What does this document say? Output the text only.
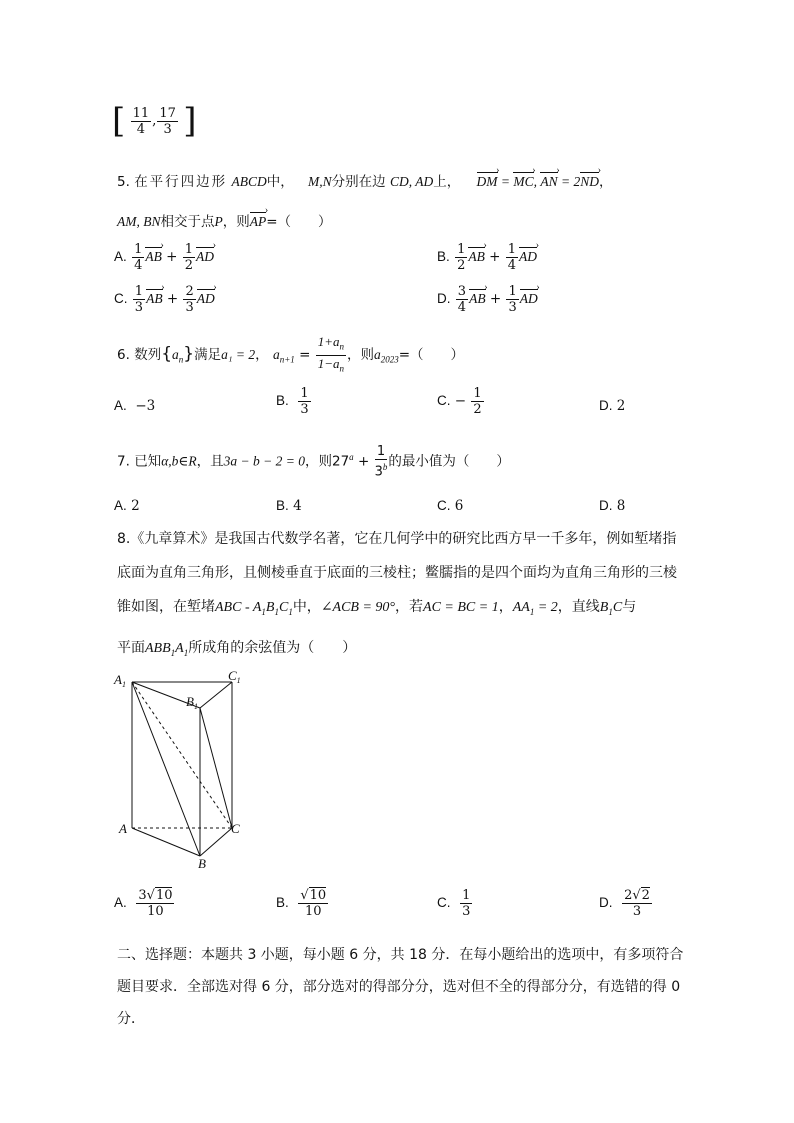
[ $\frac{11}{4}$ , $\frac{17}{3}$ ]
5. 在平行四边形 ABCD中， M,N分别在边 CD, AD上， DM › = MC ›, AN › = 2ND ›，
AM, BN相交于点P，则AP ›=（　　）
A. $\frac{1}{4}$ AB › + $\frac{1}{2}$ AD ›	B. $\frac{1}{2}$ AB › + $\frac{1}{4}$ AD ›
C. $\frac{1}{3}$ AB › + $\frac{2}{3}$ AD ›	D. $\frac{3}{4}$ AB › + $\frac{1}{3}$ AD ›
6. 数列$\{a_n\}$满足a₁ = 2， $a_{n+1} = \frac{1+a_n}{1-a_n}$ ，则$a_{2023}=$（　　）
A. −3	B. $\frac{1}{3}$	C. − $\frac{1}{2}$	D. 2
7. 已知α,b∈R，且3a − b − 2 = 0，则$27^a + \frac{1}{3^b}$ 的最小值为（　　）
A. 2	B. 4	C. 6	D. 8
8.《九章算术》是我国古代数学名著，它在几何学中的研究比西方早一千多年，例如堑堵指
底面为直角三角形，且侧棱垂直于底面的三棱柱；鳖臑指的是四个面均为直角三角形的三棱
锥如图，在堑堵ABC - $A_1B_1C_1$中，∠ACB = 90°，若AC = BC = 1，$AA_1 = 2$，直线$B_1C$与
平面$ABB_1A_1$所成角的余弦值为（　　）
$A_1$
$C_1$
$B_1$
A
B
C
A. $\frac{3√10}{10}$	B. $\frac{√10}{10}$	C. $\frac{1}{3}$	D. $\frac{2√2}{3}$
二、选择题：本题共 3 小题，每小题 6 分，共 18 分．在每小题给出的选项中，有多项符合
题目要求．全部选对得 6 分，部分选对的得部分分，选对但不全的得部分分，有选错的得 0
分．
